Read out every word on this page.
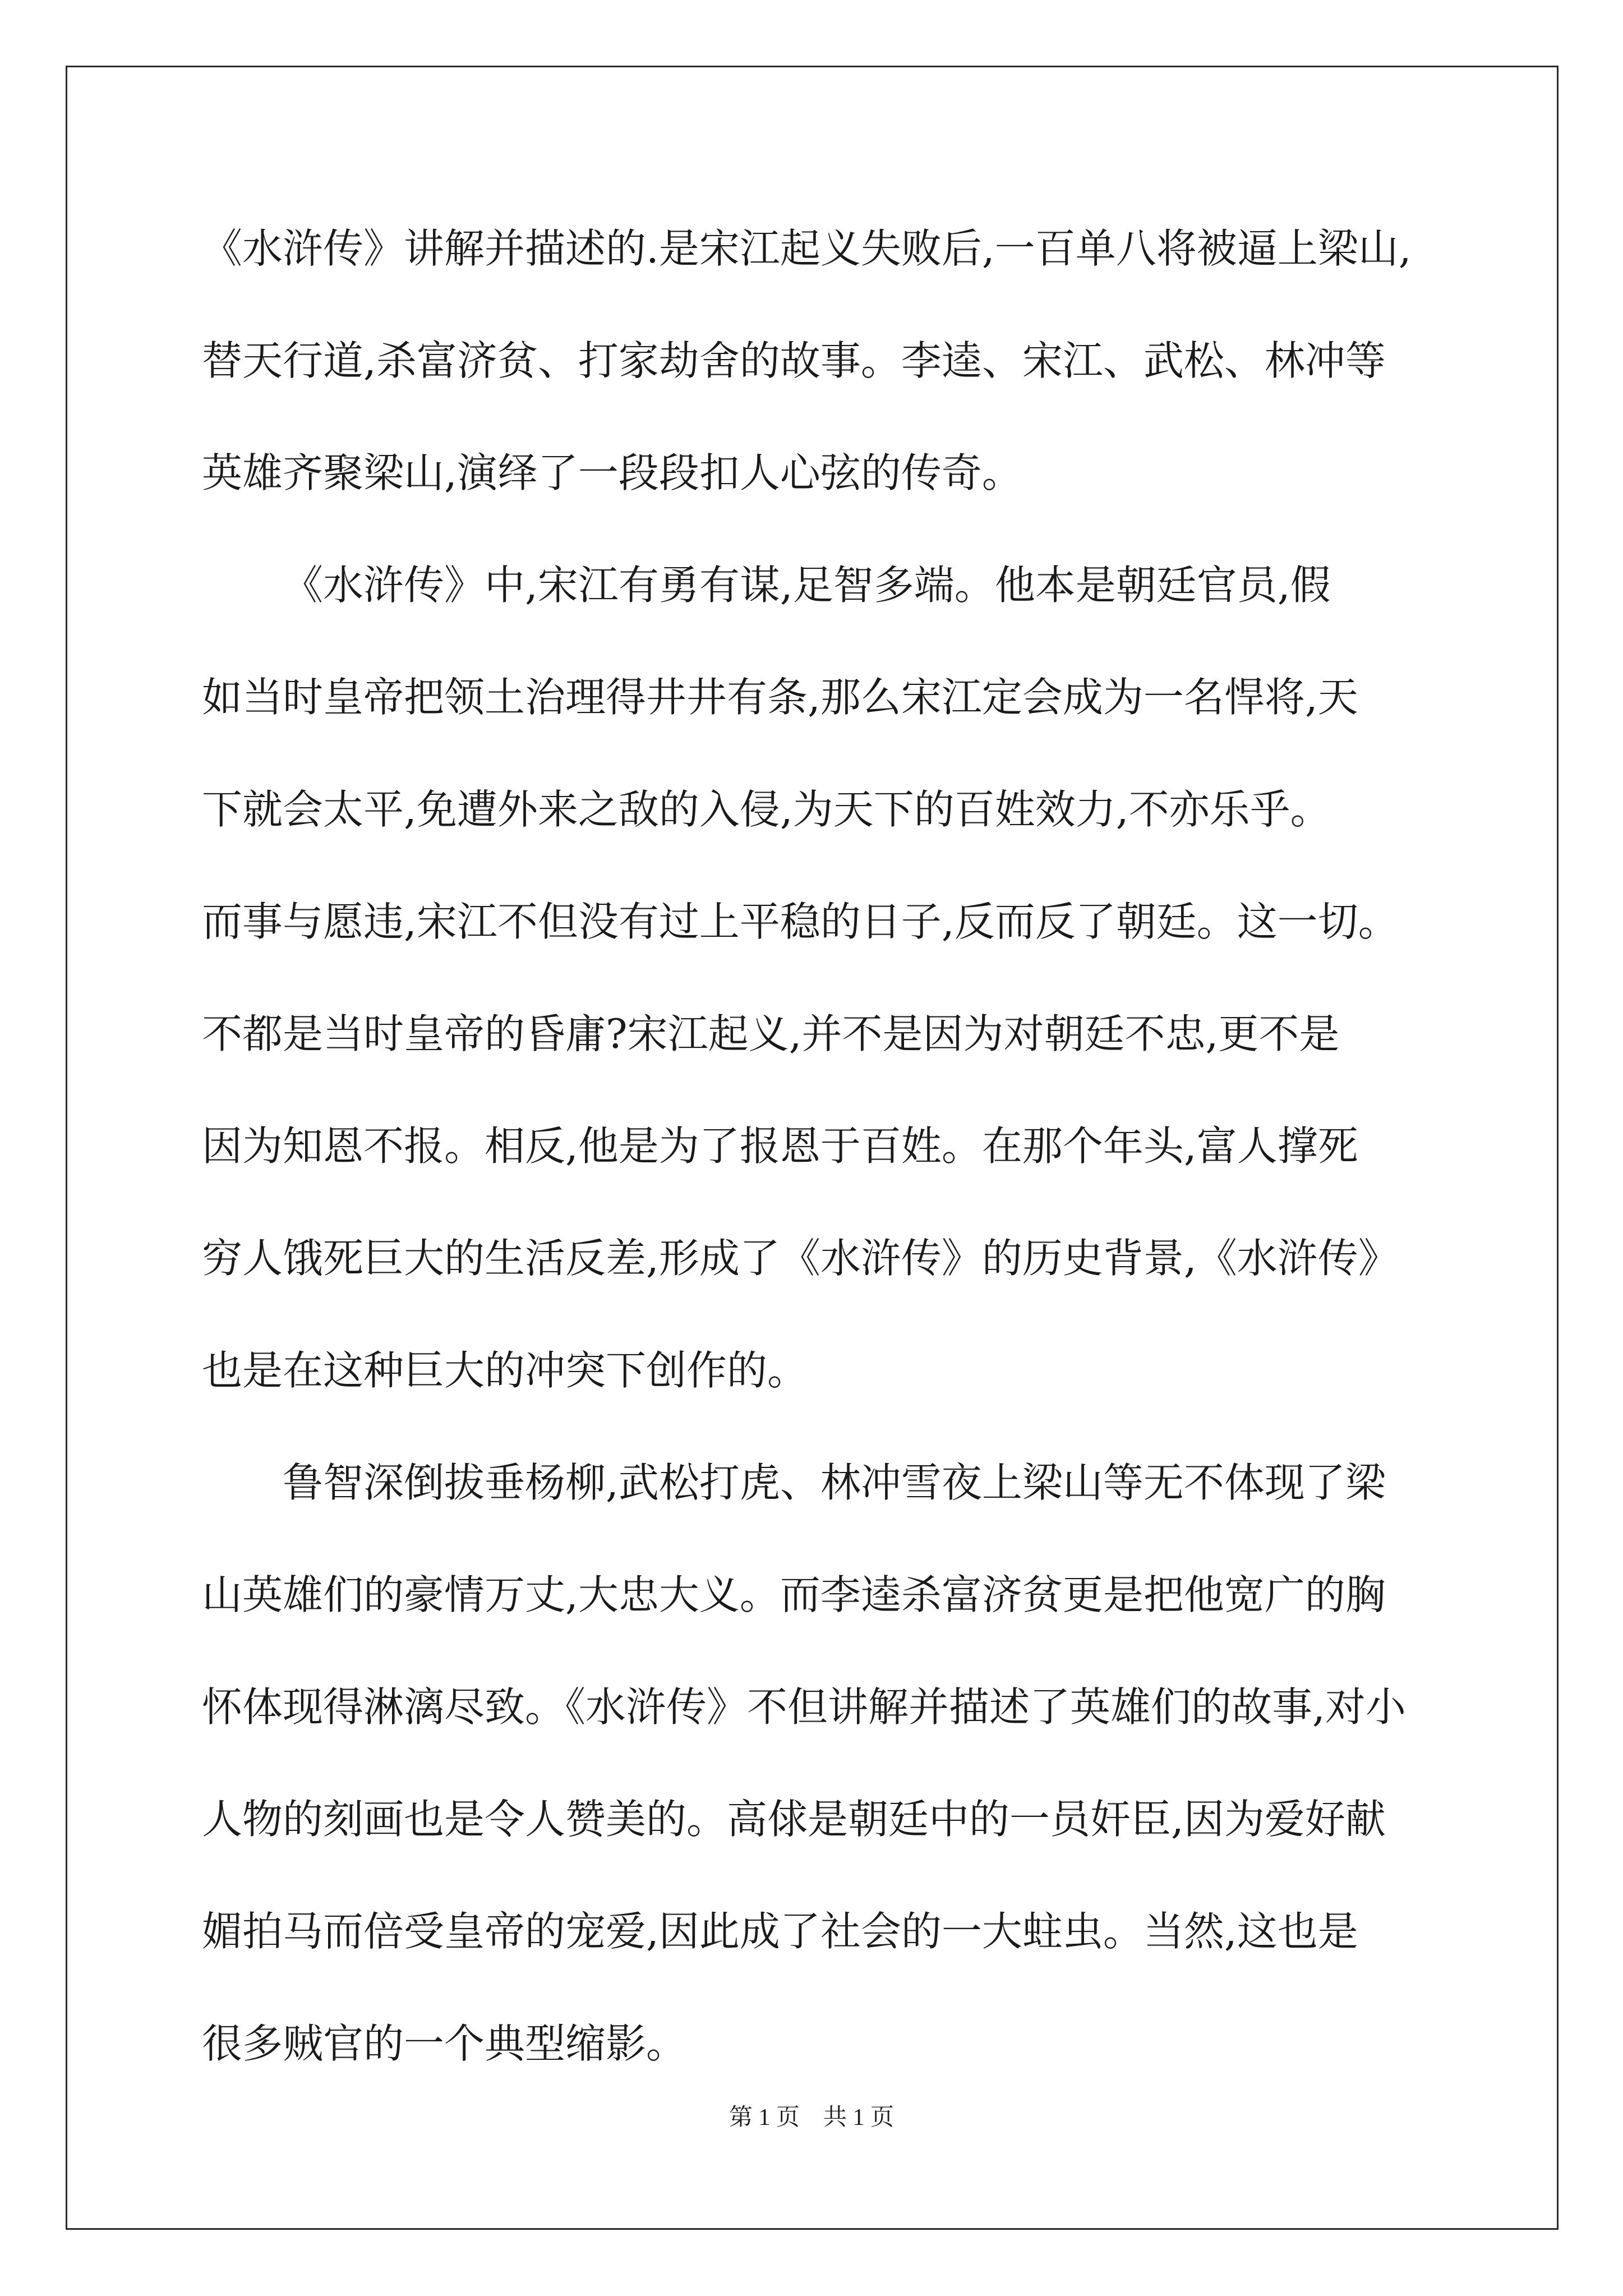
《水浒传》讲解并描述的.是宋江起义失败后,一百单八将被逼上梁山,
替天行道,杀富济贫、打家劫舍的故事。李逵、宋江、武松、林冲等
英雄齐聚梁山,演绎了一段段扣人心弦的传奇。
《水浒传》中,宋江有勇有谋,足智多端。他本是朝廷官员,假
如当时皇帝把领土治理得井井有条,那么宋江定会成为一名悍将,天
下就会太平,免遭外来之敌的入侵,为天下的百姓效力,不亦乐乎。
而事与愿违,宋江不但没有过上平稳的日子,反而反了朝廷。这一切。
不都是当时皇帝的昏庸?宋江起义,并不是因为对朝廷不忠,更不是
因为知恩不报。相反,他是为了报恩于百姓。在那个年头,富人撑死
穷人饿死巨大的生活反差,形成了《水浒传》的历史背景,《水浒传》
也是在这种巨大的冲突下创作的。
鲁智深倒拔垂杨柳,武松打虎、林冲雪夜上梁山等无不体现了梁
山英雄们的豪情万丈,大忠大义。而李逵杀富济贫更是把他宽广的胸
怀体现得淋漓尽致。《水浒传》不但讲解并描述了英雄们的故事,对小
人物的刻画也是令人赞美的。高俅是朝廷中的一员奸臣,因为爱好献
媚拍马而倍受皇帝的宠爱,因此成了社会的一大蛀虫。当然,这也是
很多贼官的一个典型缩影。
第 1 页    共 1 页
